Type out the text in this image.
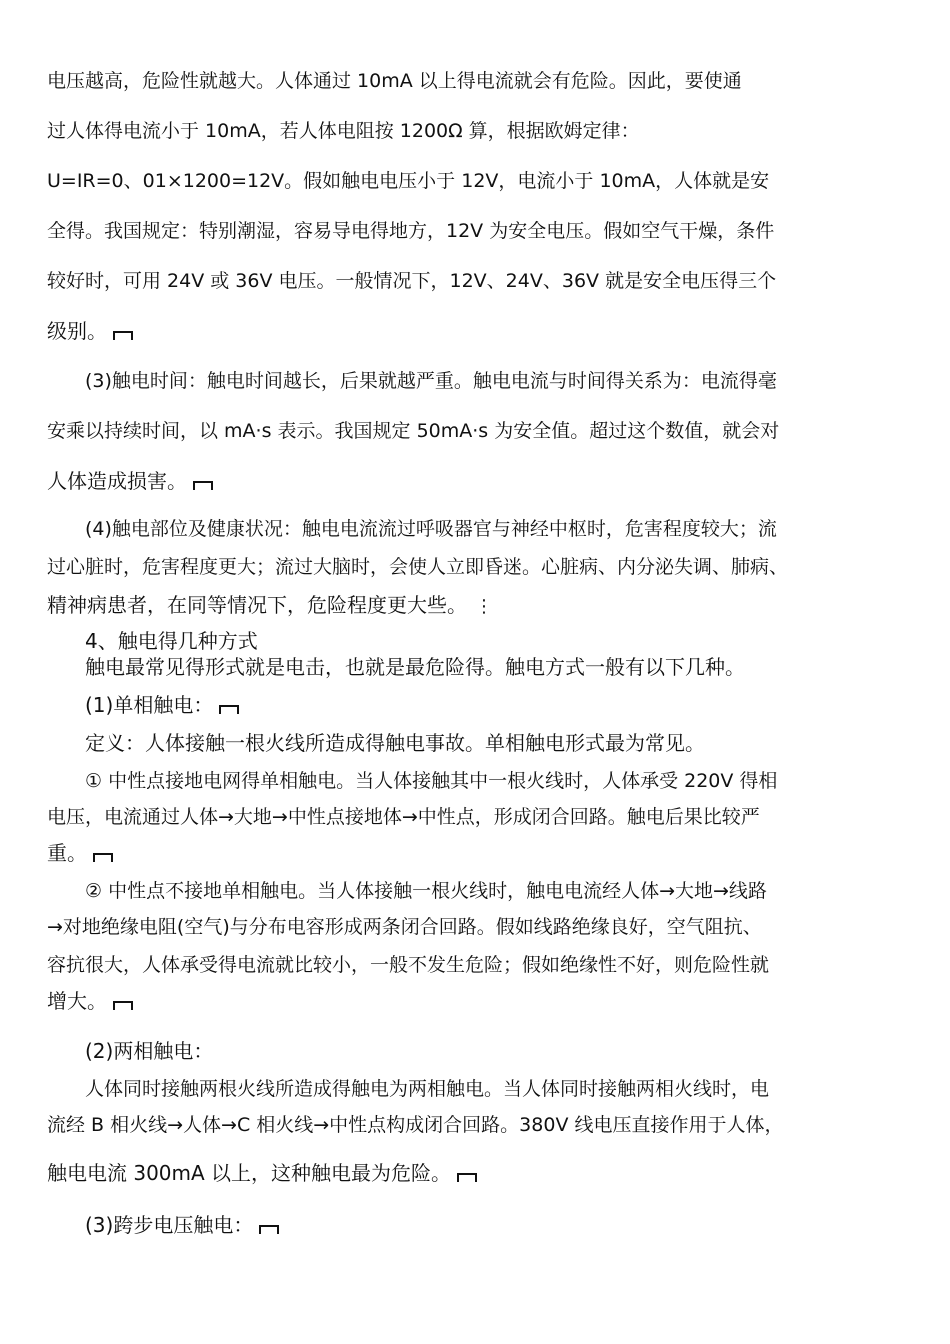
电压越高，危险性就越大。人体通过 10mA 以上得电流就会有危险。因此，要使通
过人体得电流小于 10mA，若人体电阻按 1200Ω 算，根据欧姆定律：
U=IR=0、01×1200=12V。假如触电电压小于 12V，电流小于 10mA，人体就是安
全得。我国规定：特别潮湿，容易导电得地方，12V 为安全电压。假如空气干燥，条件
较好时，可用 24V 或 36V 电压。一般情况下，12V、24V、36V 就是安全电压得三个
级别。
(3)触电时间：触电时间越长，后果就越严重。触电电流与时间得关系为：电流得毫
安乘以持续时间，以 mA·s 表示。我国规定 50mA·s 为安全值。超过这个数值，就会对
人体造成损害。
(4)触电部位及健康状况：触电电流流过呼吸器官与神经中枢时，危害程度较大；流
过心脏时，危害程度更大；流过大脑时，会使人立即昏迷。心脏病、内分泌失调、肺病、
精神病患者，在同等情况下，危险程度更大些。 ⋮
4、触电得几种方式
触电最常见得形式就是电击，也就是最危险得。触电方式一般有以下几种。
(1)单相触电：
定义：人体接触一根火线所造成得触电事故。单相触电形式最为常见。
① 中性点接地电网得单相触电。当人体接触其中一根火线时，人体承受 220V 得相
电压，电流通过人体→大地→中性点接地体→中性点，形成闭合回路。触电后果比较严
重。
② 中性点不接地单相触电。当人体接触一根火线时，触电电流经人体→大地→线路
→对地绝缘电阻(空气)与分布电容形成两条闭合回路。假如线路绝缘良好，空气阻抗、
容抗很大，人体承受得电流就比较小，一般不发生危险；假如绝缘性不好，则危险性就
增大。
(2)两相触电：
人体同时接触两根火线所造成得触电为两相触电。当人体同时接触两相火线时，电
流经 B 相火线→人体→C 相火线→中性点构成闭合回路。380V 线电压直接作用于人体，
触电电流 300mA 以上，这种触电最为危险。
(3)跨步电压触电：
